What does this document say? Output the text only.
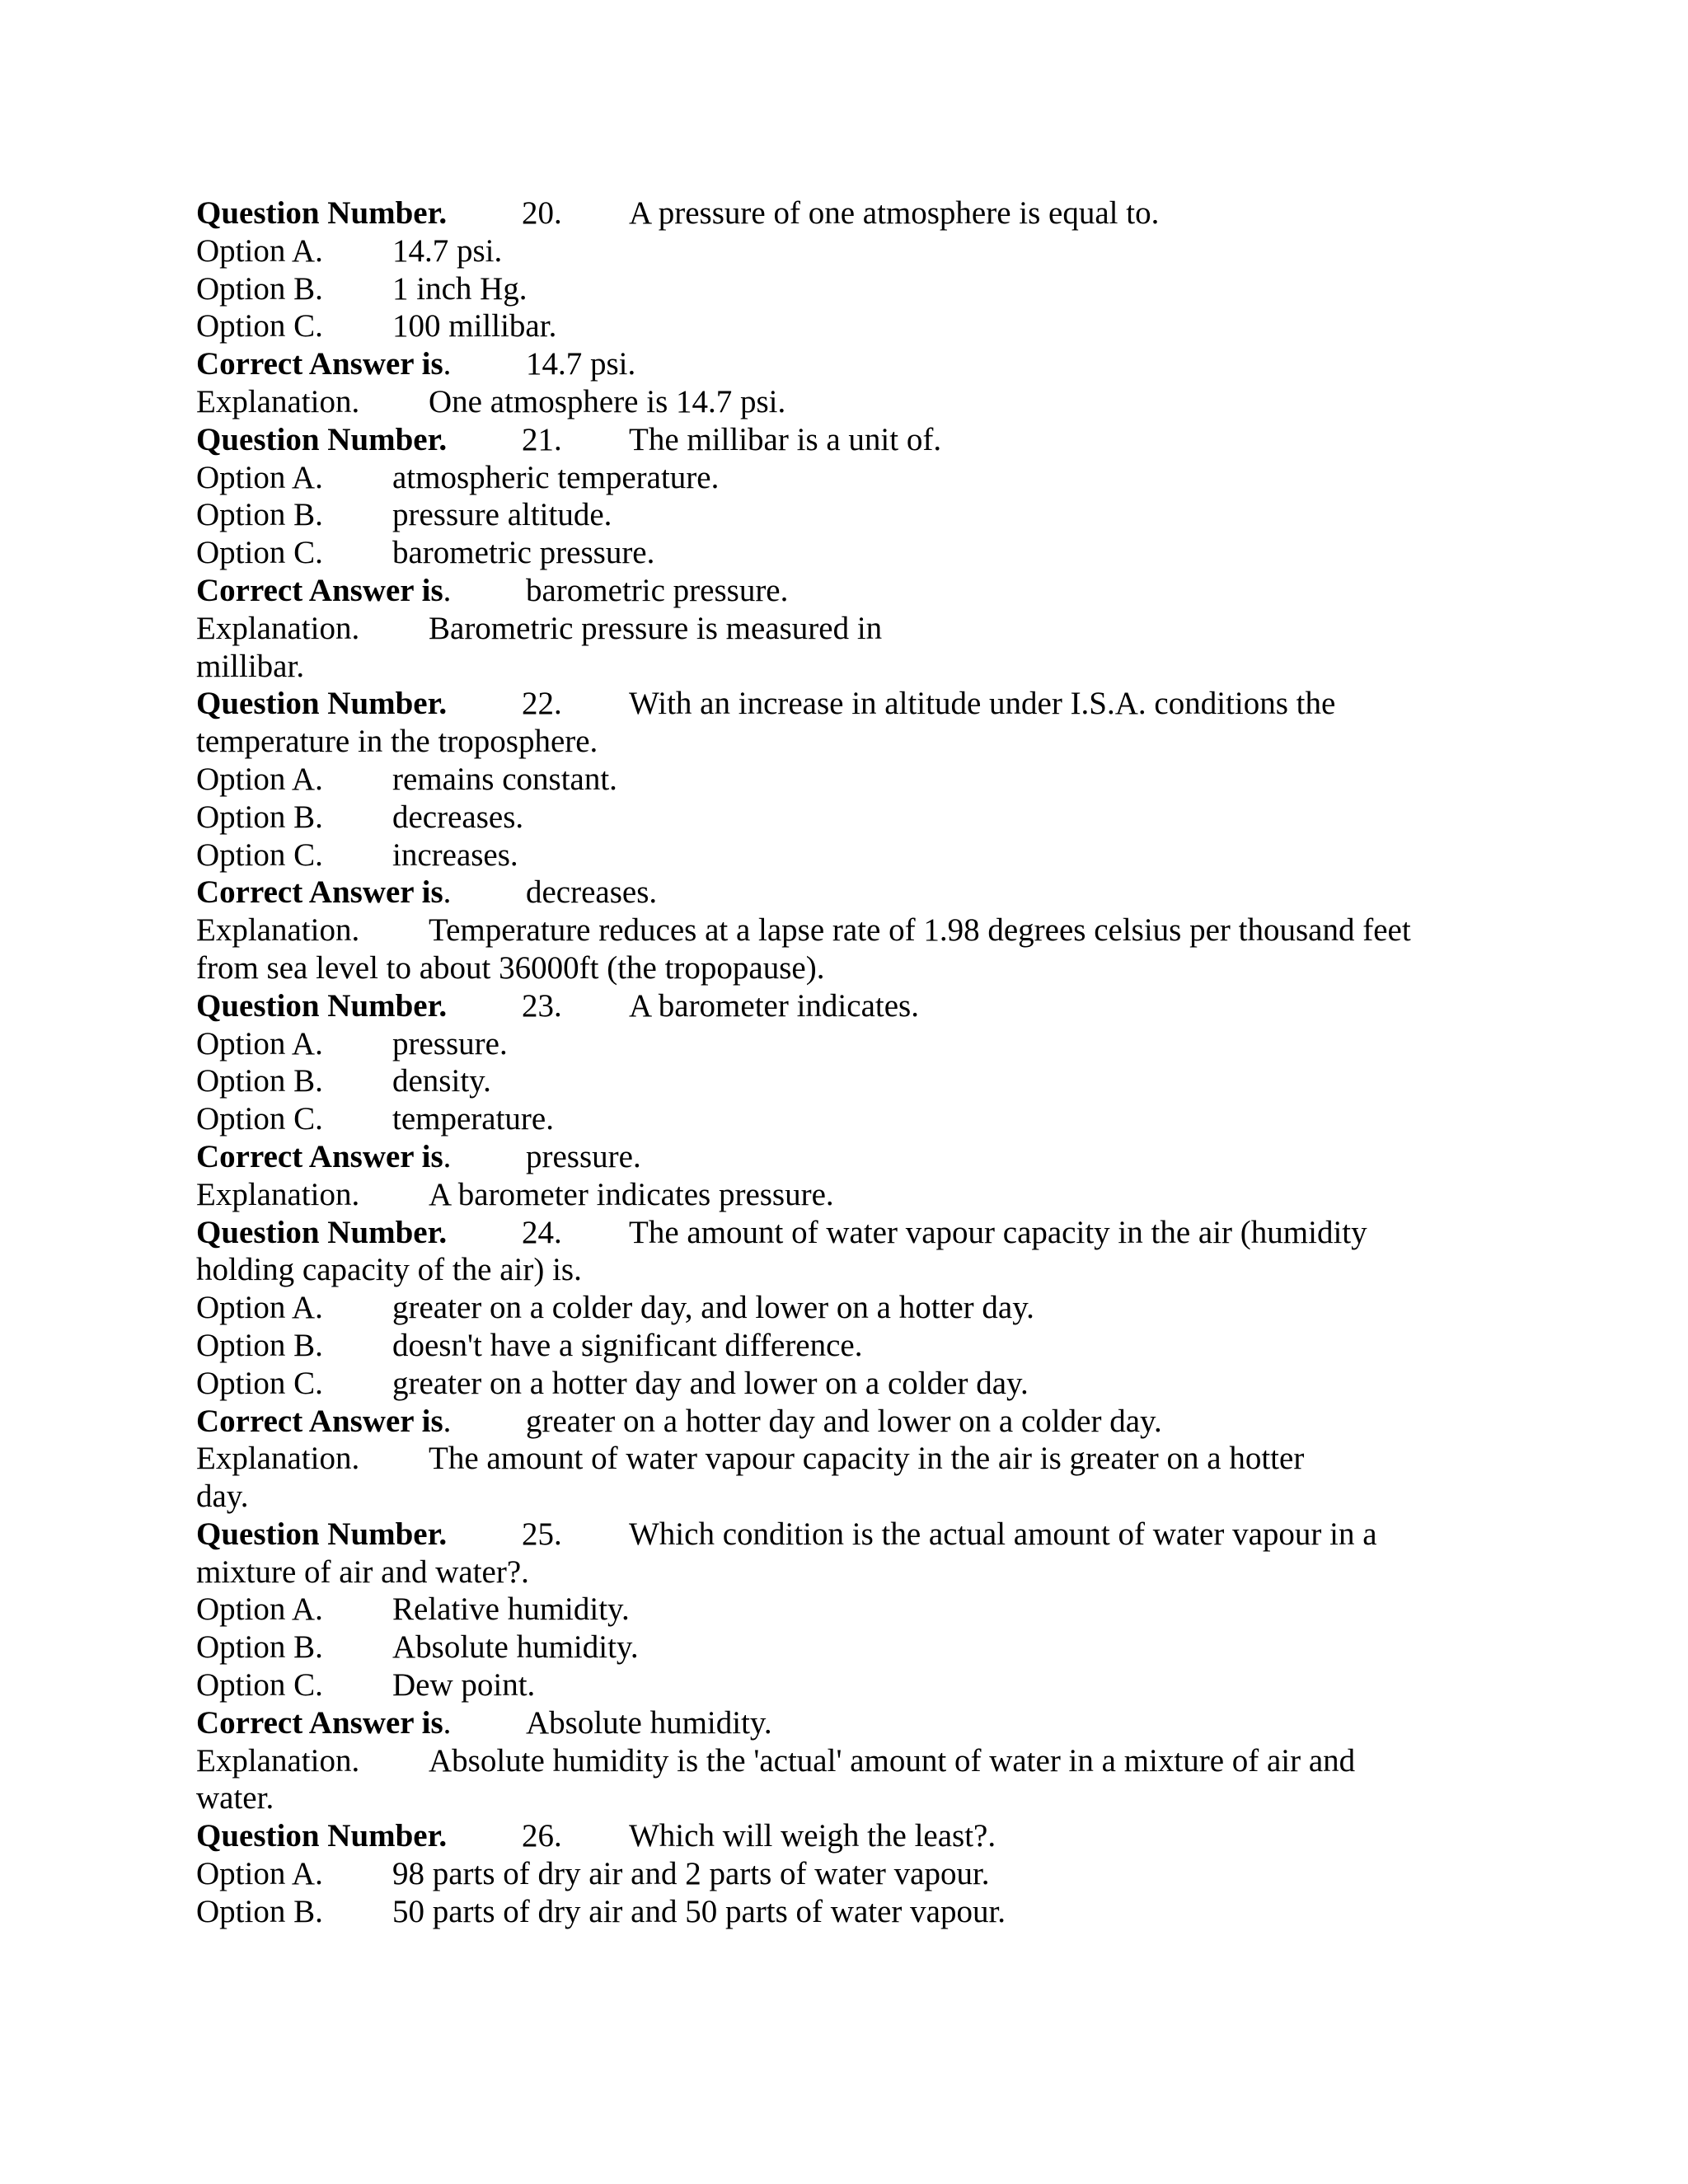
Question Number. 20. A pressure of one atmosphere is equal to.
Option A. 14.7 psi.
Option B. 1 inch Hg.
Option C. 100 millibar.
Correct Answer is. 14.7 psi.
Explanation. One atmosphere is 14.7 psi.
Question Number. 21. The millibar is a unit of.
Option A. atmospheric temperature.
Option B. pressure altitude.
Option C. barometric pressure.
Correct Answer is. barometric pressure.
Explanation. Barometric pressure is measured in
millibar.
Question Number. 22. With an increase in altitude under I.S.A. conditions the
temperature in the troposphere.
Option A. remains constant.
Option B. decreases.
Option C. increases.
Correct Answer is. decreases.
Explanation. Temperature reduces at a lapse rate of 1.98 degrees celsius per thousand feet
from sea level to about 36000ft (the tropopause).
Question Number. 23. A barometer indicates.
Option A. pressure.
Option B. density.
Option C. temperature.
Correct Answer is. pressure.
Explanation. A barometer indicates pressure.
Question Number. 24. The amount of water vapour capacity in the air (humidity
holding capacity of the air) is.
Option A. greater on a colder day, and lower on a hotter day.
Option B. doesn't have a significant difference.
Option C. greater on a hotter day and lower on a colder day.
Correct Answer is. greater on a hotter day and lower on a colder day.
Explanation. The amount of water vapour capacity in the air is greater on a hotter
day.
Question Number. 25. Which condition is the actual amount of water vapour in a
mixture of air and water?.
Option A. Relative humidity.
Option B. Absolute humidity.
Option C. Dew point.
Correct Answer is. Absolute humidity.
Explanation. Absolute humidity is the 'actual' amount of water in a mixture of air and
water.
Question Number. 26. Which will weigh the least?.
Option A. 98 parts of dry air and 2 parts of water vapour.
Option B. 50 parts of dry air and 50 parts of water vapour.
